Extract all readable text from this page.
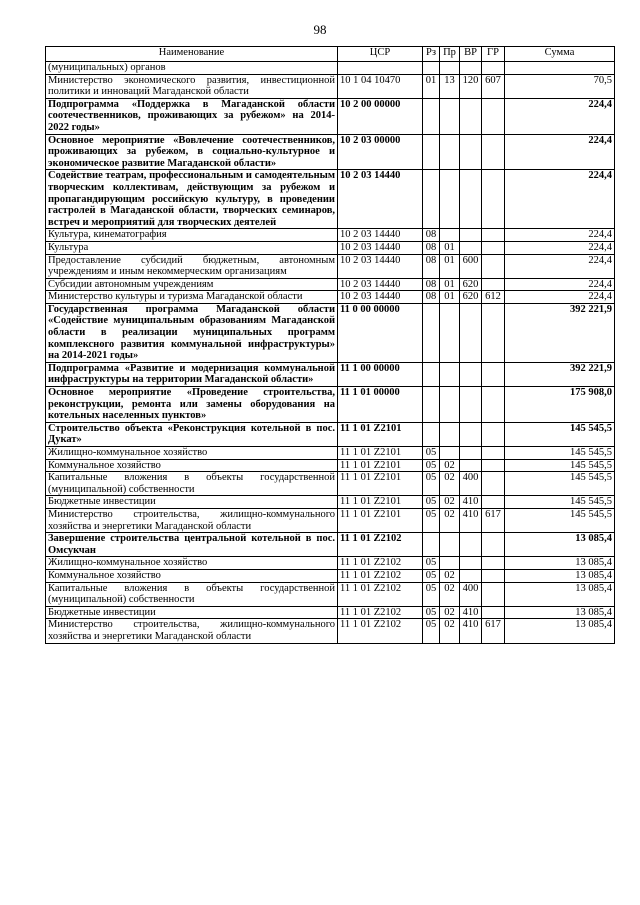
98
Наименование	ЦСР	Рз	Пр	ВР	ГР	Сумма
(муниципальных) органов						
Министерство экономического развития, инвестиционной политики и инноваций Магаданской области	10 1 04 10470	01	13	120	607	70,5
Подпрограмма «Поддержка в Магаданской области соотечественников, проживающих за рубежом» на 2014-2022 годы»	10 2 00 00000					224,4
Основное мероприятие «Вовлечение соотечественников, проживающих за рубежом, в социально-культурное и экономическое развитие Магаданской области»	10 2 03 00000					224,4
Содействие театрам, профессиональным и самодеятельным творческим коллективам, действующим за рубежом и пропагандирующим российскую культуру, в проведении гастролей в Магаданской области, творческих семинаров, встреч и мероприятий для творческих деятелей	10 2 03 14440					224,4
Культура, кинематография	10 2 03 14440	08				224,4
Культура	10 2 03 14440	08	01			224,4
Предоставление субсидий бюджетным, автономным учреждениям и иным некоммерческим организациям	10 2 03 14440	08	01	600		224,4
Субсидии автономным учреждениям	10 2 03 14440	08	01	620		224,4
Министерство культуры и туризма Магаданской области	10 2 03 14440	08	01	620	612	224,4
Государственная программа Магаданской области «Содействие муниципальным образованиям Магаданской области в реализации муниципальных программ комплексного развития коммунальной инфраструктуры» на 2014-2021 годы»	11 0 00 00000					392 221,9
Подпрограмма «Развитие и модернизация коммунальной инфраструктуры на территории Магаданской области»	11 1 00 00000					392 221,9
Основное мероприятие «Проведение строительства, реконструкции, ремонта или замены оборудования на котельных населенных пунктов»	11 1 01 00000					175 908,0
Строительство объекта «Реконструкция котельной в пос. Дукат»	11 1 01 Z2101					145 545,5
Жилищно-коммунальное хозяйство	11 1 01 Z2101	05				145 545,5
Коммунальное хозяйство	11 1 01 Z2101	05	02			145 545,5
Капитальные вложения в объекты государственной (муниципальной) собственности	11 1 01 Z2101	05	02	400		145 545,5
Бюджетные инвестиции	11 1 01 Z2101	05	02	410		145 545,5
Министерство строительства, жилищно-коммунального хозяйства и энергетики Магаданской области	11 1 01 Z2101	05	02	410	617	145 545,5
Завершение строительства центральной котельной в пос. Омсукчан	11 1 01 Z2102					13 085,4
Жилищно-коммунальное хозяйство	11 1 01 Z2102	05				13 085,4
Коммунальное хозяйство	11 1 01 Z2102	05	02			13 085,4
Капитальные вложения в объекты государственной (муниципальной) собственности	11 1 01 Z2102	05	02	400		13 085,4
Бюджетные инвестиции	11 1 01 Z2102	05	02	410		13 085,4
Министерство строительства, жилищно-коммунального хозяйства и энергетики Магаданской области	11 1 01 Z2102	05	02	410	617	13 085,4
